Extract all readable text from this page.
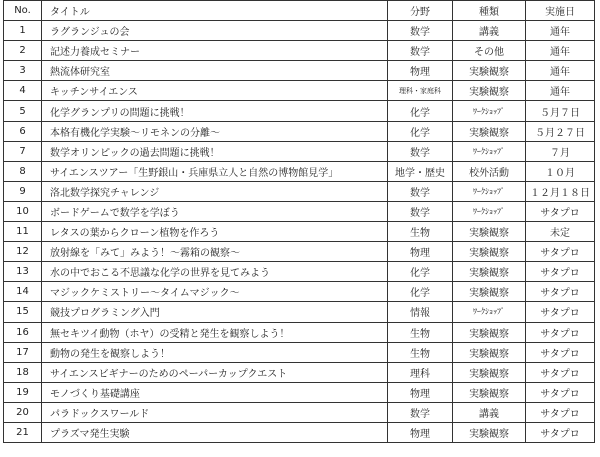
No.	タイトル	分野	種類	実施日
1	ラグランジュの会	数学	講義	通年
2	記述力養成セミナー	数学	その他	通年
3	熱流体研究室	物理	実験観察	通年
4	キッチンサイエンス	理科・家庭科	実験観察	通年
5	化学グランプリの問題に挑戦！	化学	ﾜｰｸｼｮｯﾌﾟ	５月７日
6	本格有機化学実験～リモネンの分離～	化学	実験観察	５月２７日
7	数学オリンピックの過去問題に挑戦！	数学	ﾜｰｸｼｮｯﾌﾟ	７月
8	サイエンスツアー「生野銀山・兵庫県立人と自然の博物館見学」	地学・歴史	校外活動	１０月
9	洛北数学探究チャレンジ	数学	ﾜｰｸｼｮｯﾌﾟ	１２月１８日
10	ボードゲームで数学を学ぼう	数学	ﾜｰｸｼｮｯﾌﾟ	サタプロ
11	レタスの葉からクローン植物を作ろう	生物	実験観察	未定
12	放射線を「みて」みよう！～霧箱の観察～	物理	実験観察	サタプロ
13	水の中でおこる不思議な化学の世界を見てみよう	化学	実験観察	サタプロ
14	マジックケミストリー～タイムマジック～	化学	実験観察	サタプロ
15	競技プログラミング入門	情報	ﾜｰｸｼｮｯﾌﾟ	サタプロ
16	無セキツイ動物（ホヤ）の受精と発生を観察しよう！	生物	実験観察	サタプロ
17	動物の発生を観察しよう！	生物	実験観察	サタプロ
18	サイエンスビギナーのためのペーパーカップクエスト	理科	実験観察	サタプロ
19	モノづくり基礎講座	物理	実験観察	サタプロ
20	パラドックスワールド	数学	講義	サタプロ
21	プラズマ発生実験	物理	実験観察	サタプロ
